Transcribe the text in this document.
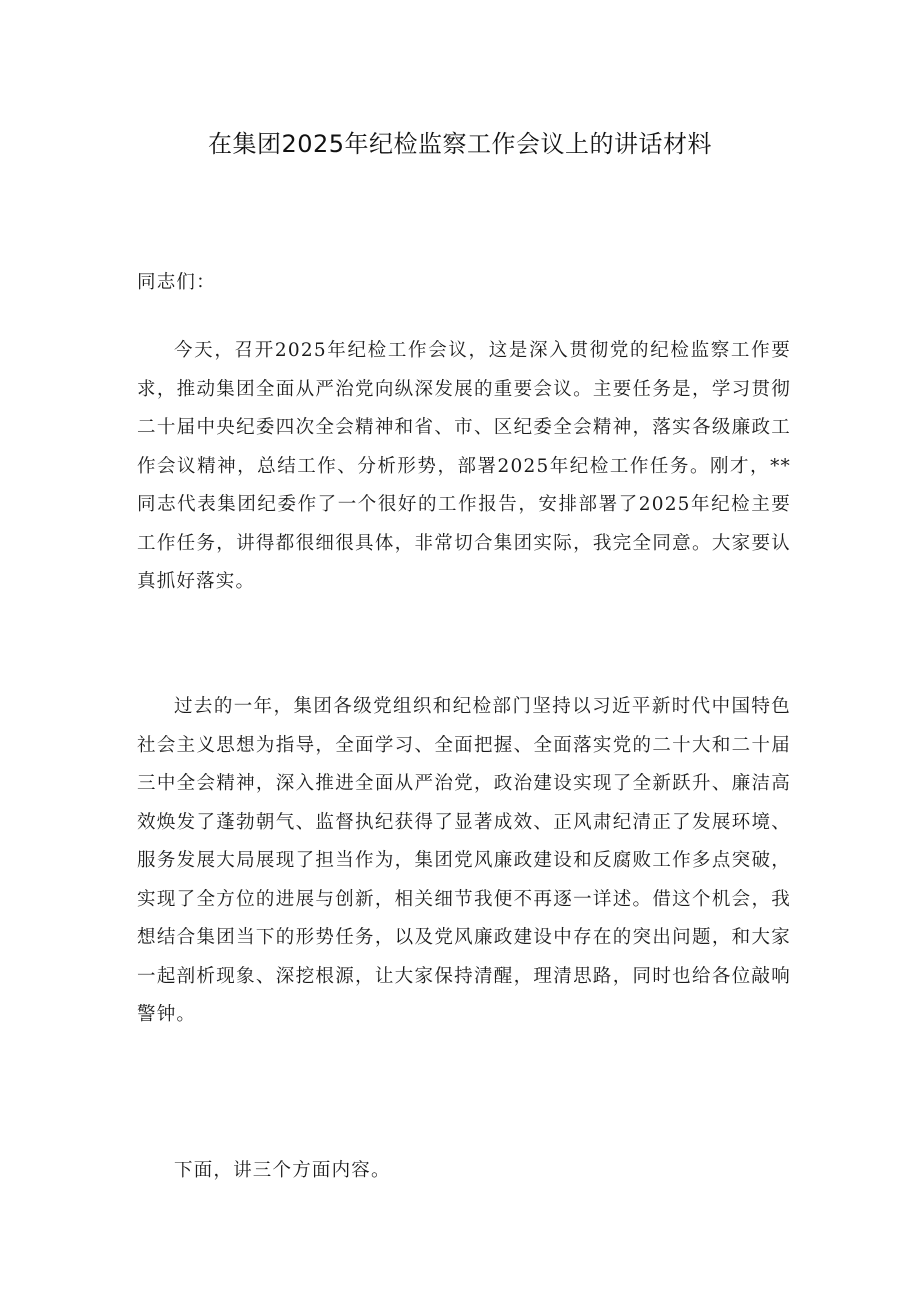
在集团2025年纪检监察工作会议上的讲话材料

同志们：

今天，召开2025年纪检工作会议，这是深入贯彻党的纪检监察工作要求，推动集团全面从严治党向纵深发展的重要会议。主要任务是，学习贯彻二十届中央纪委四次全会精神和省、市、区纪委全会精神，落实各级廉政工作会议精神，总结工作、分析形势，部署2025年纪检工作任务。刚才，**同志代表集团纪委作了一个很好的工作报告，安排部署了2025年纪检主要工作任务，讲得都很细很具体，非常切合集团实际，我完全同意。大家要认真抓好落实。

过去的一年，集团各级党组织和纪检部门坚持以习近平新时代中国特色社会主义思想为指导，全面学习、全面把握、全面落实党的二十大和二十届三中全会精神，深入推进全面从严治党，政治建设实现了全新跃升、廉洁高效焕发了蓬勃朝气、监督执纪获得了显著成效、正风肃纪清正了发展环境、服务发展大局展现了担当作为，集团党风廉政建设和反腐败工作多点突破，实现了全方位的进展与创新，相关细节我便不再逐一详述。借这个机会，我想结合集团当下的形势任务，以及党风廉政建设中存在的突出问题，和大家一起剖析现象、深挖根源，让大家保持清醒，理清思路，同时也给各位敲响警钟。

下面，讲三个方面内容。
